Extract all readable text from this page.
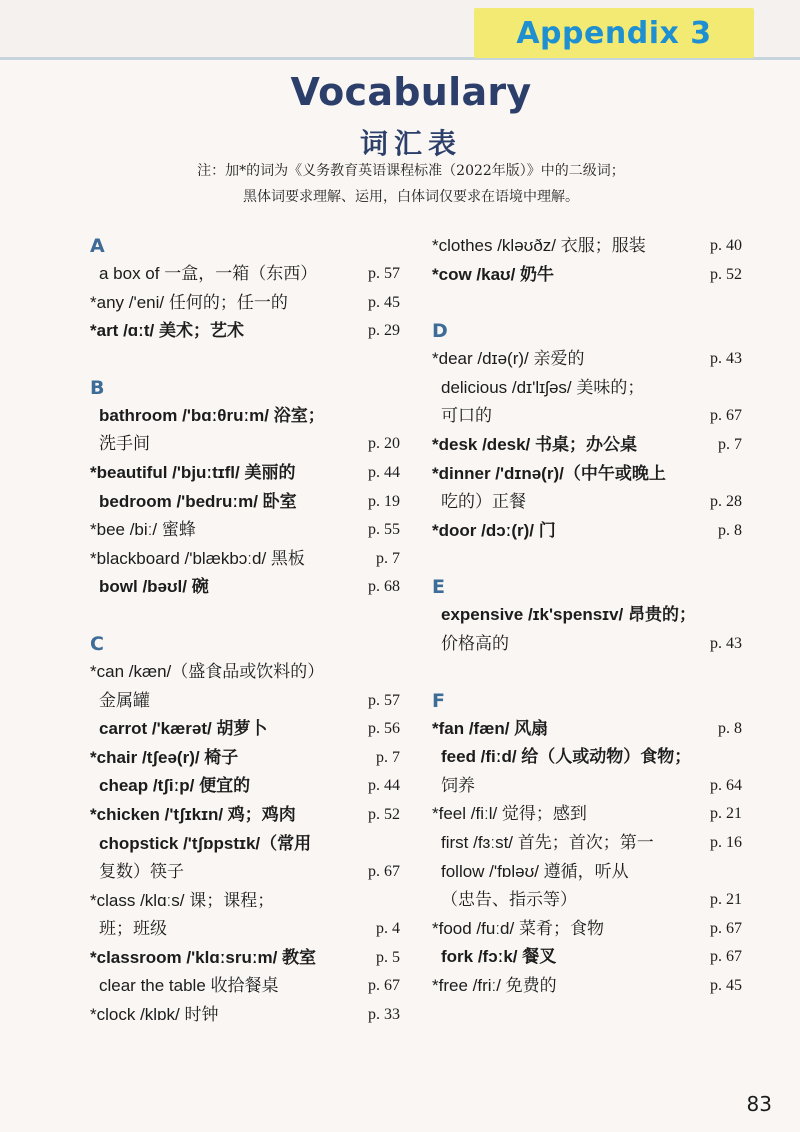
Appendix 3
Vocabulary
词汇表
注：加*的词为《义务教育英语课程标准（2022年版）》中的二级词；
黑体词要求理解、运用，白体词仅要求在语境中理解。
A
a box of 一盒，一箱（东西）	p. 57
*any /'eni/ 任何的；任一的	p. 45
*art /ɑːt/ 美术；艺术	p. 29
B
bathroom /'bɑːθruːm/ 浴室；
洗手间	p. 20
*beautiful /'bjuːtɪfl/ 美丽的	p. 44
bedroom /'bedruːm/ 卧室	p. 19
*bee /biː/ 蜜蜂	p. 55
*blackboard /'blækbɔːd/ 黑板	p. 7
bowl /bəʊl/ 碗	p. 68
C
*can /kæn/（盛食品或饮料的）
金属罐	p. 57
carrot /'kærət/ 胡萝卜	p. 56
*chair /tʃeə(r)/ 椅子	p. 7
cheap /tʃiːp/ 便宜的	p. 44
*chicken /'tʃɪkɪn/ 鸡；鸡肉	p. 52
chopstick /'tʃɒpstɪk/（常用
复数）筷子	p. 67
*class /klɑːs/ 课；课程；
班；班级	p. 4
*classroom /'klɑːsruːm/ 教室	p. 5
clear the table 收拾餐桌	p. 67
*clock /klɒk/ 时钟	p. 33
*clothes /kləʊðz/ 衣服；服装	p. 40
*cow /kaʊ/ 奶牛	p. 52
D
*dear /dɪə(r)/ 亲爱的	p. 43
delicious /dɪ'lɪʃəs/ 美味的；
可口的	p. 67
*desk /desk/ 书桌；办公桌	p. 7
*dinner /'dɪnə(r)/（中午或晚上
吃的）正餐	p. 28
*door /dɔː(r)/ 门	p. 8
E
expensive /ɪk'spensɪv/ 昂贵的；
价格高的	p. 43
F
*fan /fæn/ 风扇	p. 8
feed /fiːd/ 给（人或动物）食物；
饲养	p. 64
*feel /fiːl/ 觉得；感到	p. 21
first /fɜːst/ 首先；首次；第一	p. 16
follow /'fɒləʊ/ 遵循，听从
（忠告、指示等）	p. 21
*food /fuːd/ 菜肴；食物	p. 67
fork /fɔːk/ 餐叉	p. 67
*free /friː/ 免费的	p. 45
83
